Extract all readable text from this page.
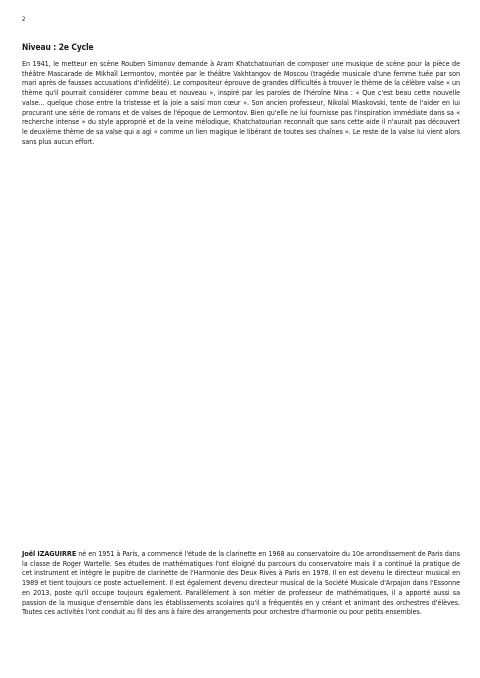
2
Niveau : 2e Cycle

En 1941, le metteur en scène Rouben Simonov demande à Aram Khatchatourian de composer une musique de scène pour la pièce de théâtre Mascarade de Mikhaïl Lermontov, montée par le théâtre Vakhtangov de Moscou (tragédie musicale d'une femme tuée par son mari après de fausses accusations d'infidélité). Le compositeur éprouve de grandes difficultés à trouver le thème de la célèbre valse « un thème qu'il pourrait considérer comme beau et nouveau », inspiré par les paroles de l'héroïne Nina : « Que c'est beau cette nouvelle valse... quelque chose entre la tristesse et la joie a saisi mon cœur ». Son ancien professeur, Nikolaï Miaskovski, tente de l'aider en lui procurant une série de romans et de valses de l'époque de Lermontov. Bien qu'elle ne lui fournisse pas l'inspiration immédiate dans sa « recherche intense » du style approprié et de la veine mélodique, Khatchatourian reconnaît que sans cette aide il n'aurait pas découvert le deuxième thème de sa valse qui a agi « comme un lien magique le libérant de toutes ses chaînes ». Le reste de la valse lui vient alors sans plus aucun effort.

Joël IZAGUIRRE né en 1951 à Paris, a commencé l'étude de la clarinette en 1968 au conservatoire du 10e arrondissement de Paris dans la classe de Roger Wartelle. Ses études de mathématiques l'ont éloigné du parcours du conservatoire mais il a continué la pratique de cet instrument et intègre le pupitre de clarinette de l'Harmonie des Deux Rives à Paris en 1978. Il en est devenu le directeur musical en 1989 et tient toujours ce poste actuellement. Il est également devenu directeur musical de la Société Musicale d'Arpajon dans l'Essonne en 2013, poste qu'il occupe toujours également. Parallèlement à son métier de professeur de mathématiques, il a apporté aussi sa passion de la musique d'ensemble dans les établissements scolaires qu'il a fréquentés en y créant et animant des orchestres d'élèves. Toutes ces activités l'ont conduit au fil des ans à faire des arrangements pour orchestre d'harmonie ou pour petits ensembles.
